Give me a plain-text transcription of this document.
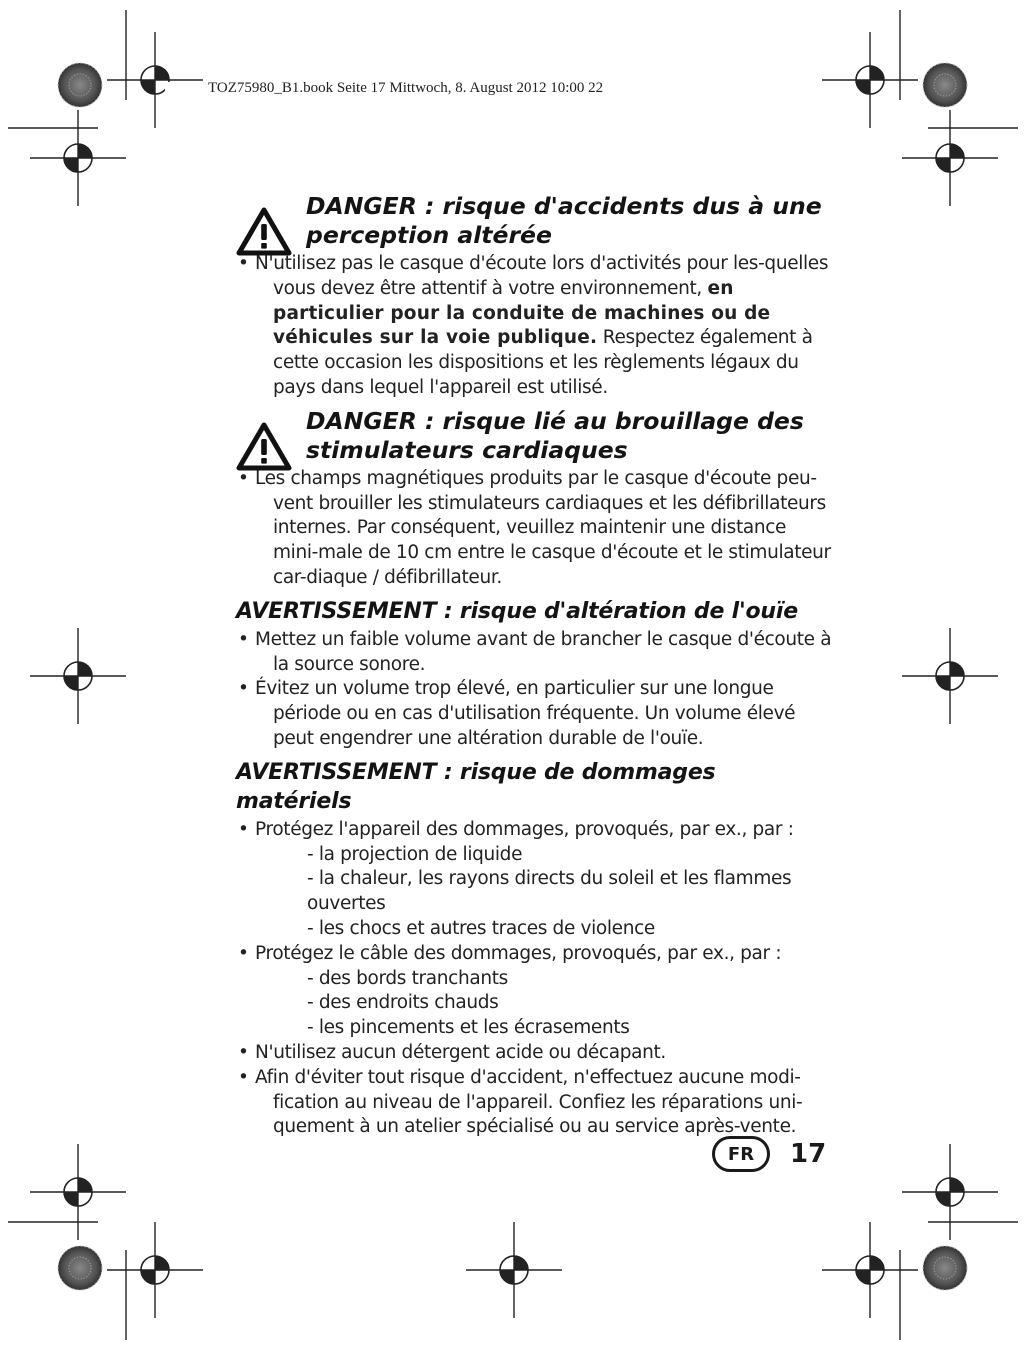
TOZ75980_B1.book Seite 17 Mittwoch, 8. August 2012 10:00 22
DANGER : risque d'accidents dus à une
perception altérée
• N'utilisez pas le casque d'écoute lors d'activités pour les-quelles vous devez être attentif à votre environnement, en particulier pour la conduite de machines ou de véhicules sur la voie publique. Respectez également à cette occasion les dispositions et les règlements légaux du pays dans lequel l'appareil est utilisé.
DANGER : risque lié au brouillage des
stimulateurs cardiaques
• Les champs magnétiques produits par le casque d'écoute peu-vent brouiller les stimulateurs cardiaques et les défibrillateurs internes. Par conséquent, veuillez maintenir une distance mini-male de 10 cm entre le casque d'écoute et le stimulateur car-diaque / défibrillateur.
AVERTISSEMENT : risque d'altération de l'ouïe
• Mettez un faible volume avant de brancher le casque d'écoute à la source sonore.
• Évitez un volume trop élevé, en particulier sur une longue période ou en cas d'utilisation fréquente. Un volume élevé peut engendrer une altération durable de l'ouïe.
AVERTISSEMENT : risque de dommages matériels
• Protégez l'appareil des dommages, provoqués, par ex., par :
- la projection de liquide
- la chaleur, les rayons directs du soleil et les flammes ouvertes
- les chocs et autres traces de violence
• Protégez le câble des dommages, provoqués, par ex., par :
- des bords tranchants
- des endroits chauds
- les pincements et les écrasements
• N'utilisez aucun détergent acide ou décapant.
• Afin d'éviter tout risque d'accident, n'effectuez aucune modi-fication au niveau de l'appareil. Confiez les réparations uni-quement à un atelier spécialisé ou au service après-vente.
FR	17
